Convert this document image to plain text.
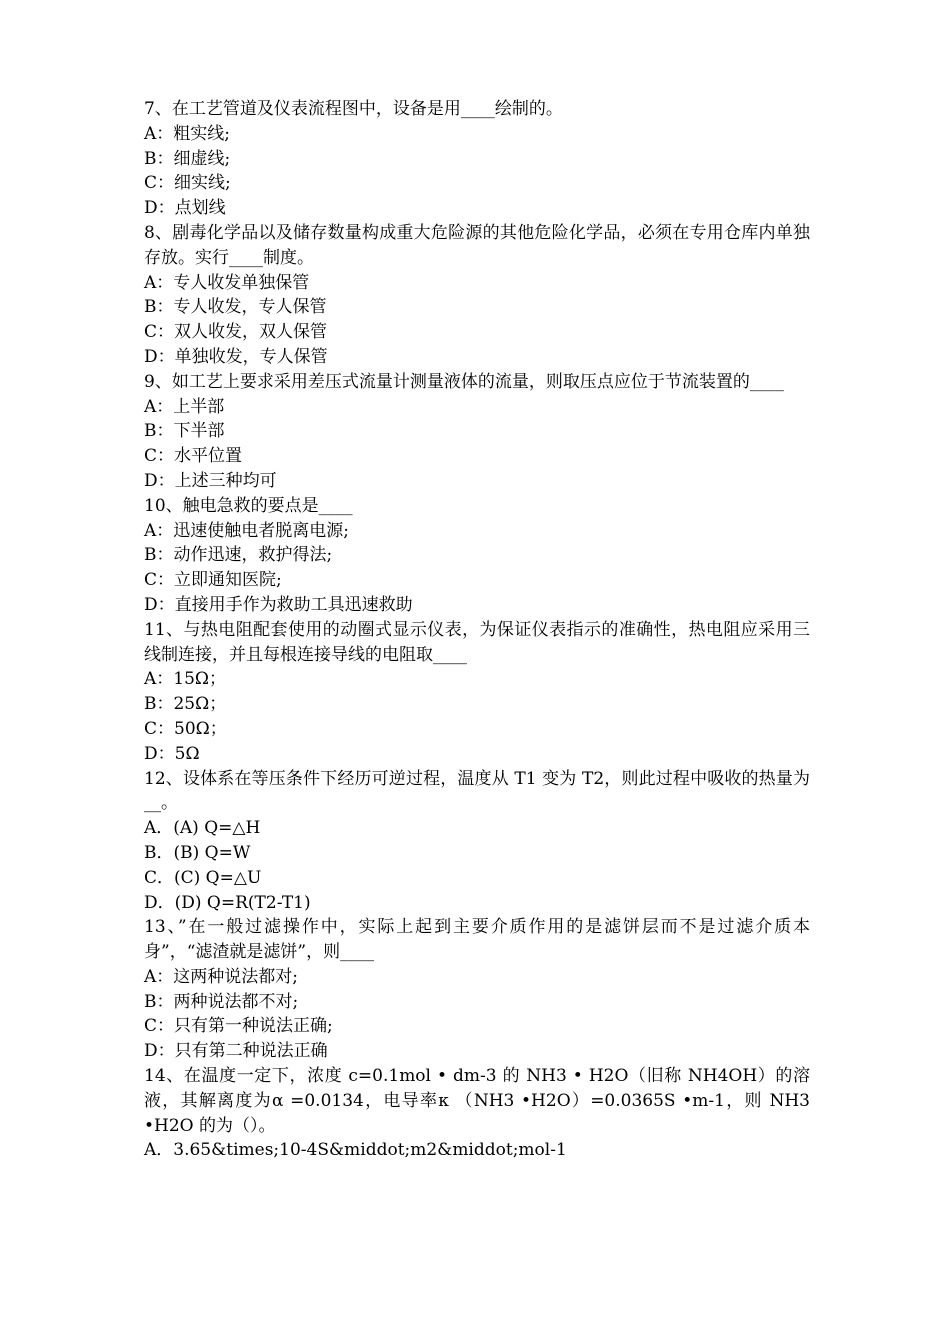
7、在工艺管道及仪表流程图中，设备是用____绘制的。
A：粗实线;
B：细虚线;
C：细实线;
D：点划线
8、剧毒化学品以及储存数量构成重大危险源的其他危险化学品，必须在专用仓库内单独存放。实行____制度。
A：专人收发单独保管
B：专人收发，专人保管
C：双人收发，双人保管
D：单独收发，专人保管
9、如工艺上要求采用差压式流量计测量液体的流量，则取压点应位于节流装置的____
A：上半部
B：下半部
C：水平位置
D：上述三种均可
10、触电急救的要点是____
A：迅速使触电者脱离电源;
B：动作迅速，救护得法;
C：立即通知医院;
D：直接用手作为救助工具迅速救助
11、与热电阻配套使用的动圈式显示仪表，为保证仪表指示的准确性，热电阻应采用三线制连接，并且每根连接导线的电阻取____
A：15Ω；
B：25Ω；
C：50Ω；
D：5Ω
12、设体系在等压条件下经历可逆过程，温度从 T1 变为 T2，则此过程中吸收的热量为__。
A．(A) Q=△H
B．(B) Q=W
C．(C) Q=△U
D．(D) Q=R(T2-T1)
13、”在一般过滤操作中，实际上起到主要介质作用的是滤饼层而不是过滤介质本身”，“滤渣就是滤饼”，则____
A：这两种说法都对;
B：两种说法都不对;
C：只有第一种说法正确;
D：只有第二种说法正确
14、在温度一定下，浓度 c=0.1mol • dm-3 的 NH3 • H2O（旧称 NH4OH）的溶液，其解离度为α =0.0134，电导率κ （NH3 •H2O）=0.0365S •m-1，则 NH3 •H2O 的为（）。
A．3.65&times;10-4S&middot;m2&middot;mol-1
